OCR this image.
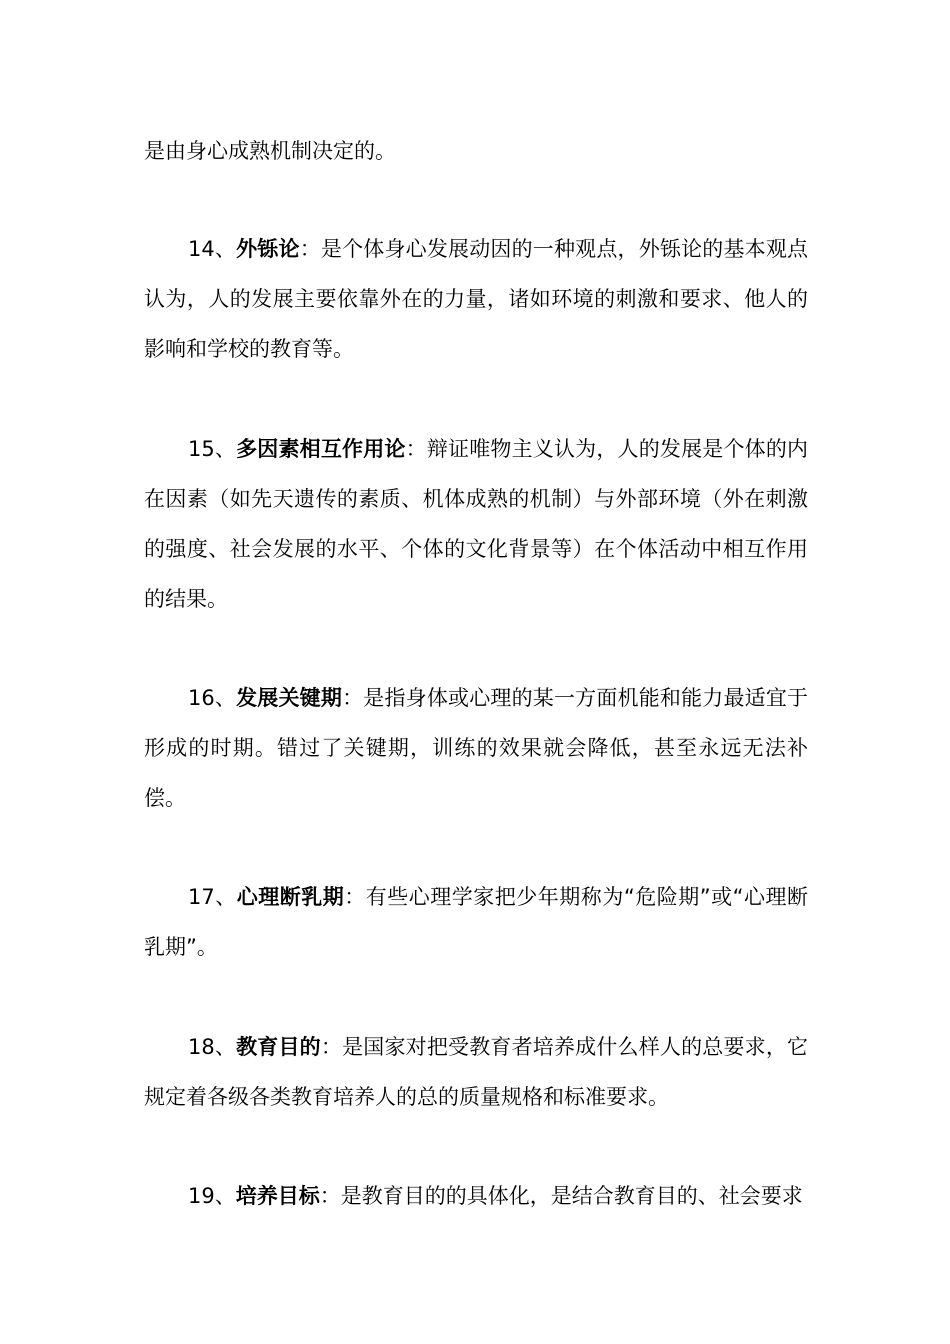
是由身心成熟机制决定的。

14、外铄论：是个体身心发展动因的一种观点，外铄论的基本观点认为，人的发展主要依靠外在的力量，诸如环境的刺激和要求、他人的影响和学校的教育等。

15、多因素相互作用论：辩证唯物主义认为，人的发展是个体的内在因素（如先天遗传的素质、机体成熟的机制）与外部环境（外在刺激的强度、社会发展的水平、个体的文化背景等）在个体活动中相互作用的结果。

16、发展关键期：是指身体或心理的某一方面机能和能力最适宜于形成的时期。错过了关键期，训练的效果就会降低，甚至永远无法补偿。

17、心理断乳期：有些心理学家把少年期称为“危险期”或“心理断乳期”。

18、教育目的：是国家对把受教育者培养成什么样人的总要求，它规定着各级各类教育培养人的总的质量规格和标准要求。

19、培养目标：是教育目的的具体化，是结合教育目的、社会要求
